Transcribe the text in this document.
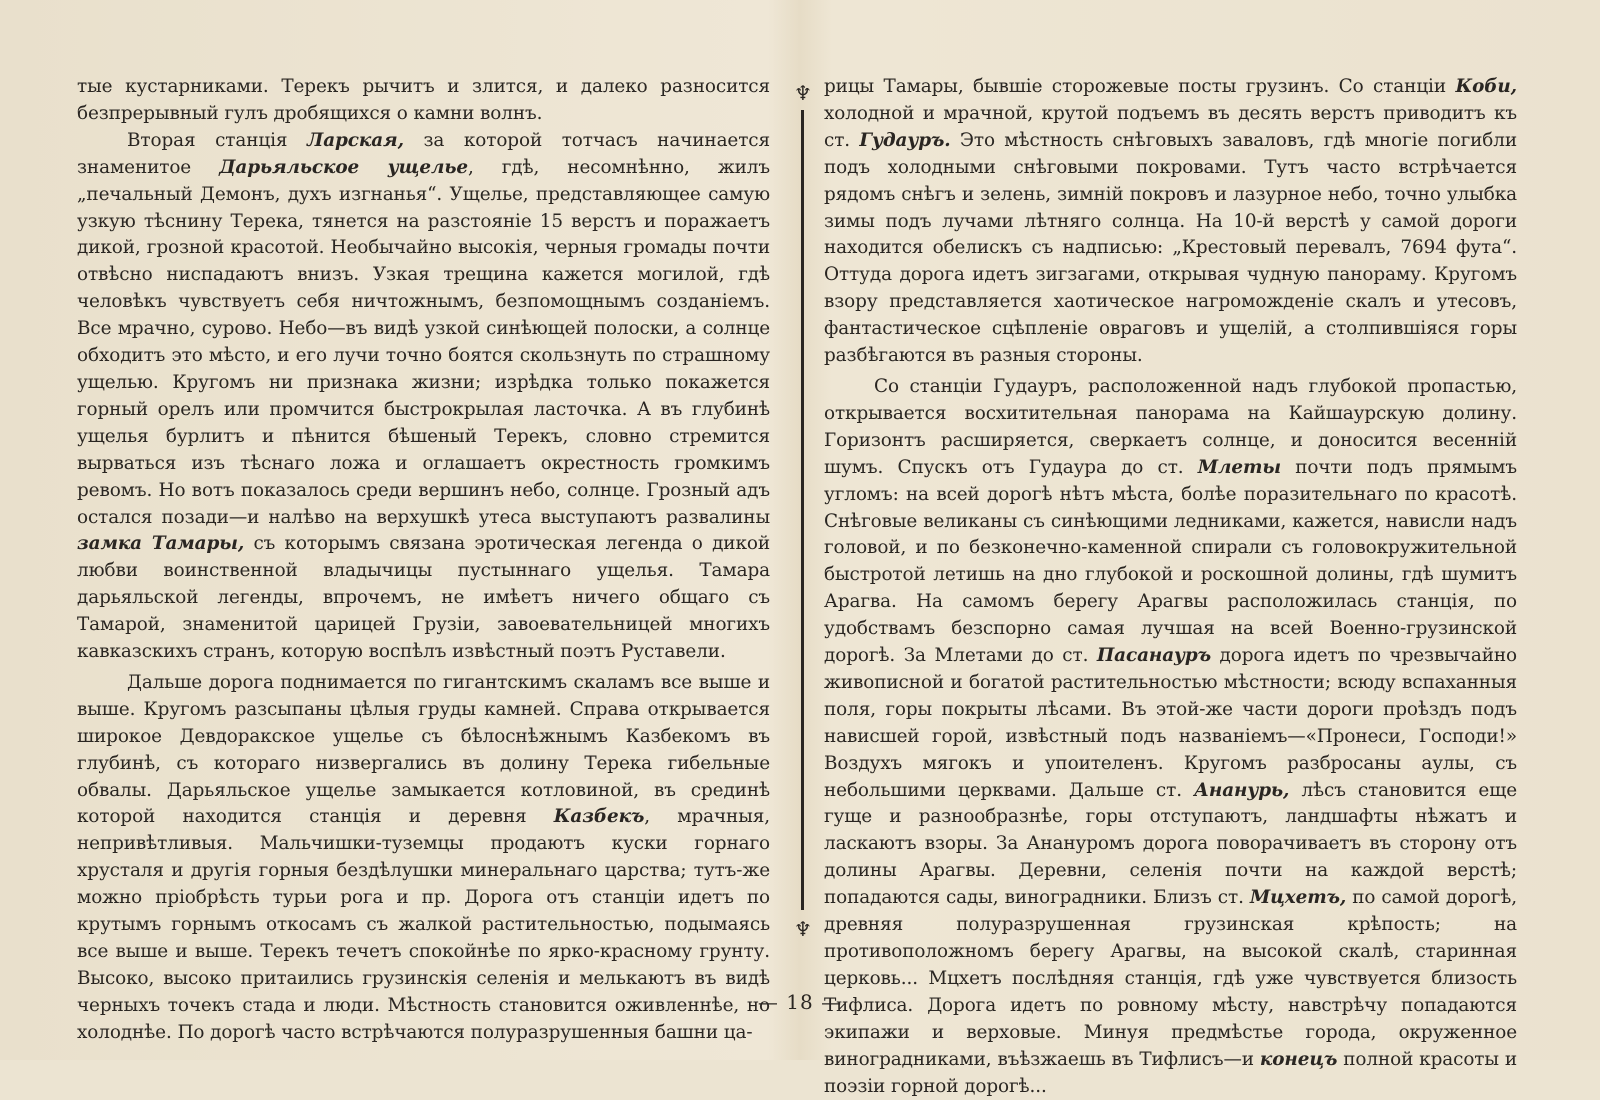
тые кустарниками. Терекъ рычитъ и злится, и далеко разносится безпрерывный гулъ дробящихся о камни волнъ.

Вторая станція Ларская, за которой тотчасъ начинается знаменитое Дарьяльское ущелье, гдѣ, несомнѣнно, жилъ „печальный Демонъ, духъ изгнанья“. Ущелье, представляющее самую узкую тѣснину Терека, тянется на разстояніе 15 верстъ и поражаетъ дикой, грозной красотой. Необычайно высокія, черныя громады почти отвѣсно ниспадаютъ внизъ. Узкая трещина кажется могилой, гдѣ человѣкъ чувствуетъ себя ничтожнымъ, безпомощнымъ созданіемъ. Все мрачно, сурово. Небо—въ видѣ узкой синѣющей полоски, а солнце обходитъ это мѣсто, и его лучи точно боятся скользнуть по страшному ущелью. Кругомъ ни признака жизни; изрѣдка только покажется горный орелъ или промчится быстрокрылая ласточка. А въ глубинѣ ущелья бурлитъ и пѣнится бѣшеный Терекъ, словно стремится вырваться изъ тѣснаго ложа и оглашаетъ окрестность громкимъ ревомъ. Но вотъ показалось среди вершинъ небо, солнце. Грозный адъ остался позади—и налѣво на верхушкѣ утеса выступаютъ развалины замка Тамары, съ которымъ связана эротическая легенда о дикой любви воинственной владычицы пустыннаго ущелья. Тамара дарьяльской легенды, впрочемъ, не имѣетъ ничего общаго съ Тамарой, знаменитой царицей Грузіи, завоевательницей многихъ кавказскихъ странъ, которую воспѣлъ извѣстный поэтъ Руставели.

Дальше дорога поднимается по гигантскимъ скаламъ все выше и выше. Кругомъ разсыпаны цѣлыя груды камней. Справа открывается широкое Девдоракское ущелье съ бѣлоснѣжнымъ Казбекомъ въ глубинѣ, съ котораго низвергались въ долину Терека гибельные обвалы. Дарьяльское ущелье замыкается котловиной, въ срединѣ которой находится станція и деревня Казбекъ, мрачныя, непривѣтливыя. Мальчишки-туземцы продаютъ куски горнаго хрусталя и другія горныя бездѣлушки минеральнаго царства; тутъ-же можно пріобрѣсть турьи рога и пр. Дорога отъ станціи идетъ по крутымъ горнымъ откосамъ съ жалкой растительностью, подымаясь все выше и выше. Терекъ течетъ спокойнѣе по ярко-красному грунту. Высоко, высоко притаились грузинскія селенія и мелькаютъ въ видѣ черныхъ точекъ стада и люди. Мѣстность становится оживленнѣе, но холоднѣе. По дорогѣ часто встрѣчаются полуразрушенныя башни ца-

♆
♆

рицы Тамары, бывшіе сторожевые посты грузинъ. Со станціи Коби, холодной и мрачной, крутой подъемъ въ десять верстъ приводитъ къ ст. Гудауръ. Это мѣстность снѣговыхъ заваловъ, гдѣ многіе погибли подъ холодными снѣговыми покровами. Тутъ часто встрѣчается рядомъ снѣгъ и зелень, зимній покровъ и лазурное небо, точно улыбка зимы подъ лучами лѣтняго солнца. На 10-й верстѣ у самой дороги находится обелискъ съ надписью: „Крестовый перевалъ, 7694 фута“. Оттуда дорога идетъ зигзагами, открывая чудную панораму. Кругомъ взору представляется хаотическое нагроможденіе скалъ и утесовъ, фантастическое сцѣпленіе овраговъ и ущелій, а столпившіяся горы разбѣгаются въ разныя стороны.

Со станціи Гудауръ, расположенной надъ глубокой пропастью, открывается восхитительная панорама на Кайшаурскую долину. Горизонтъ расширяется, сверкаетъ солнце, и доносится весенній шумъ. Спускъ отъ Гудаура до ст. Млеты почти подъ прямымъ угломъ: на всей дорогѣ нѣтъ мѣста, болѣе поразительнаго по красотѣ. Снѣговые великаны съ синѣющими ледниками, кажется, нависли надъ головой, и по безконечно-каменной спирали съ головокружительной быстротой летишь на дно глубокой и роскошной долины, гдѣ шумитъ Арагва. На самомъ берегу Арагвы расположилась станція, по удобствамъ безспорно самая лучшая на всей Военно-грузинской дорогѣ. За Млетами до ст. Пасанауръ дорога идетъ по чрезвычайно живописной и богатой растительностью мѣстности; всюду вспаханныя поля, горы покрыты лѣсами. Въ этой-же части дороги проѣздъ подъ нависшей горой, извѣстный подъ названіемъ—«Пронеси, Господи!» Воздухъ мягокъ и упоителенъ. Кругомъ разбросаны аулы, съ небольшими церквами. Дальше ст. Ананурь, лѣсъ становится еще гуще и разнообразнѣе, горы отступаютъ, ландшафты нѣжатъ и ласкаютъ взоры. За Анануромъ дорога поворачиваетъ въ сторону отъ долины Арагвы. Деревни, селенія почти на каждой верстѣ; попадаются сады, виноградники. Близъ ст. Мцхетъ, по самой дорогѣ, древняя полуразрушенная грузинская крѣпость; на противоположномъ берегу Арагвы, на высокой скалѣ, старинная церковь... Мцхетъ послѣдняя станція, гдѣ уже чувствуется близость Тифлиса. Дорога идетъ по ровному мѣсту, навстрѣчу попадаются экипажи и верховые. Минуя предмѣстье города, окруженное виноградниками, въѣзжаешь въ Тифлисъ—и конецъ полной красоты и поэзіи горной дорогѣ...

— 18 —
